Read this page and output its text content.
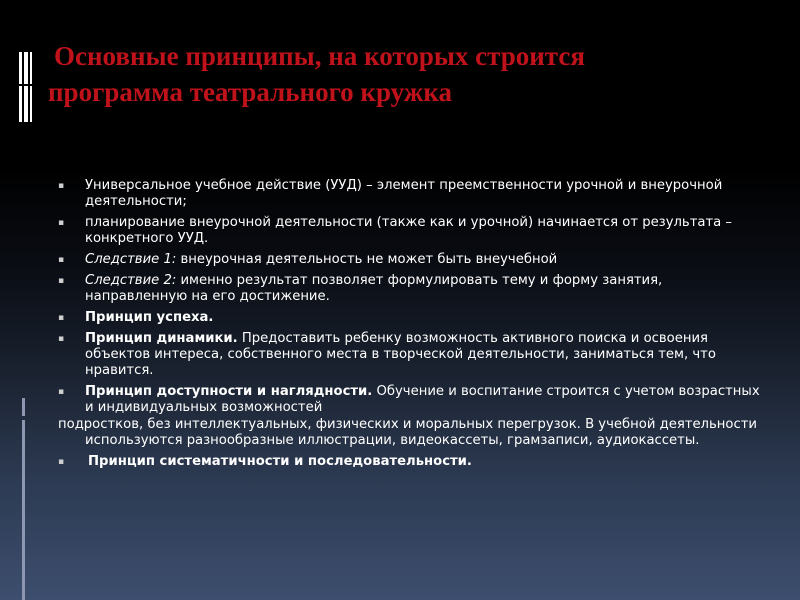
Основные принципы, на которых строится
программа театрального кружка
▪	Универсальное учебное действие (УУД) – элемент преемственности урочной и внеурочной деятельности;
▪	планирование внеурочной деятельности (также как и урочной) начинается от результата – конкретного УУД.
▪	Следствие 1: внеурочная деятельность не может быть внеучебной
▪	Следствие 2: именно результат позволяет формулировать тему и форму занятия, направленную на его достижение.
▪	Принцип успеха.
▪	Принцип динамики. Предоставить ребенку возможность активного поиска и освоения объектов интереса, собственного места в творческой деятельности, заниматься тем, что нравится.
▪	Принцип доступности и наглядности. Обучение и воспитание строится с учетом возрастных и индивидуальных возможностей
подростков, без интеллектуальных, физических и моральных перегрузок. В учебной деятельности используются разнообразные иллюстрации, видеокассеты, грамзаписи, аудиокассеты.
▪	Принцип систематичности и последовательности.
